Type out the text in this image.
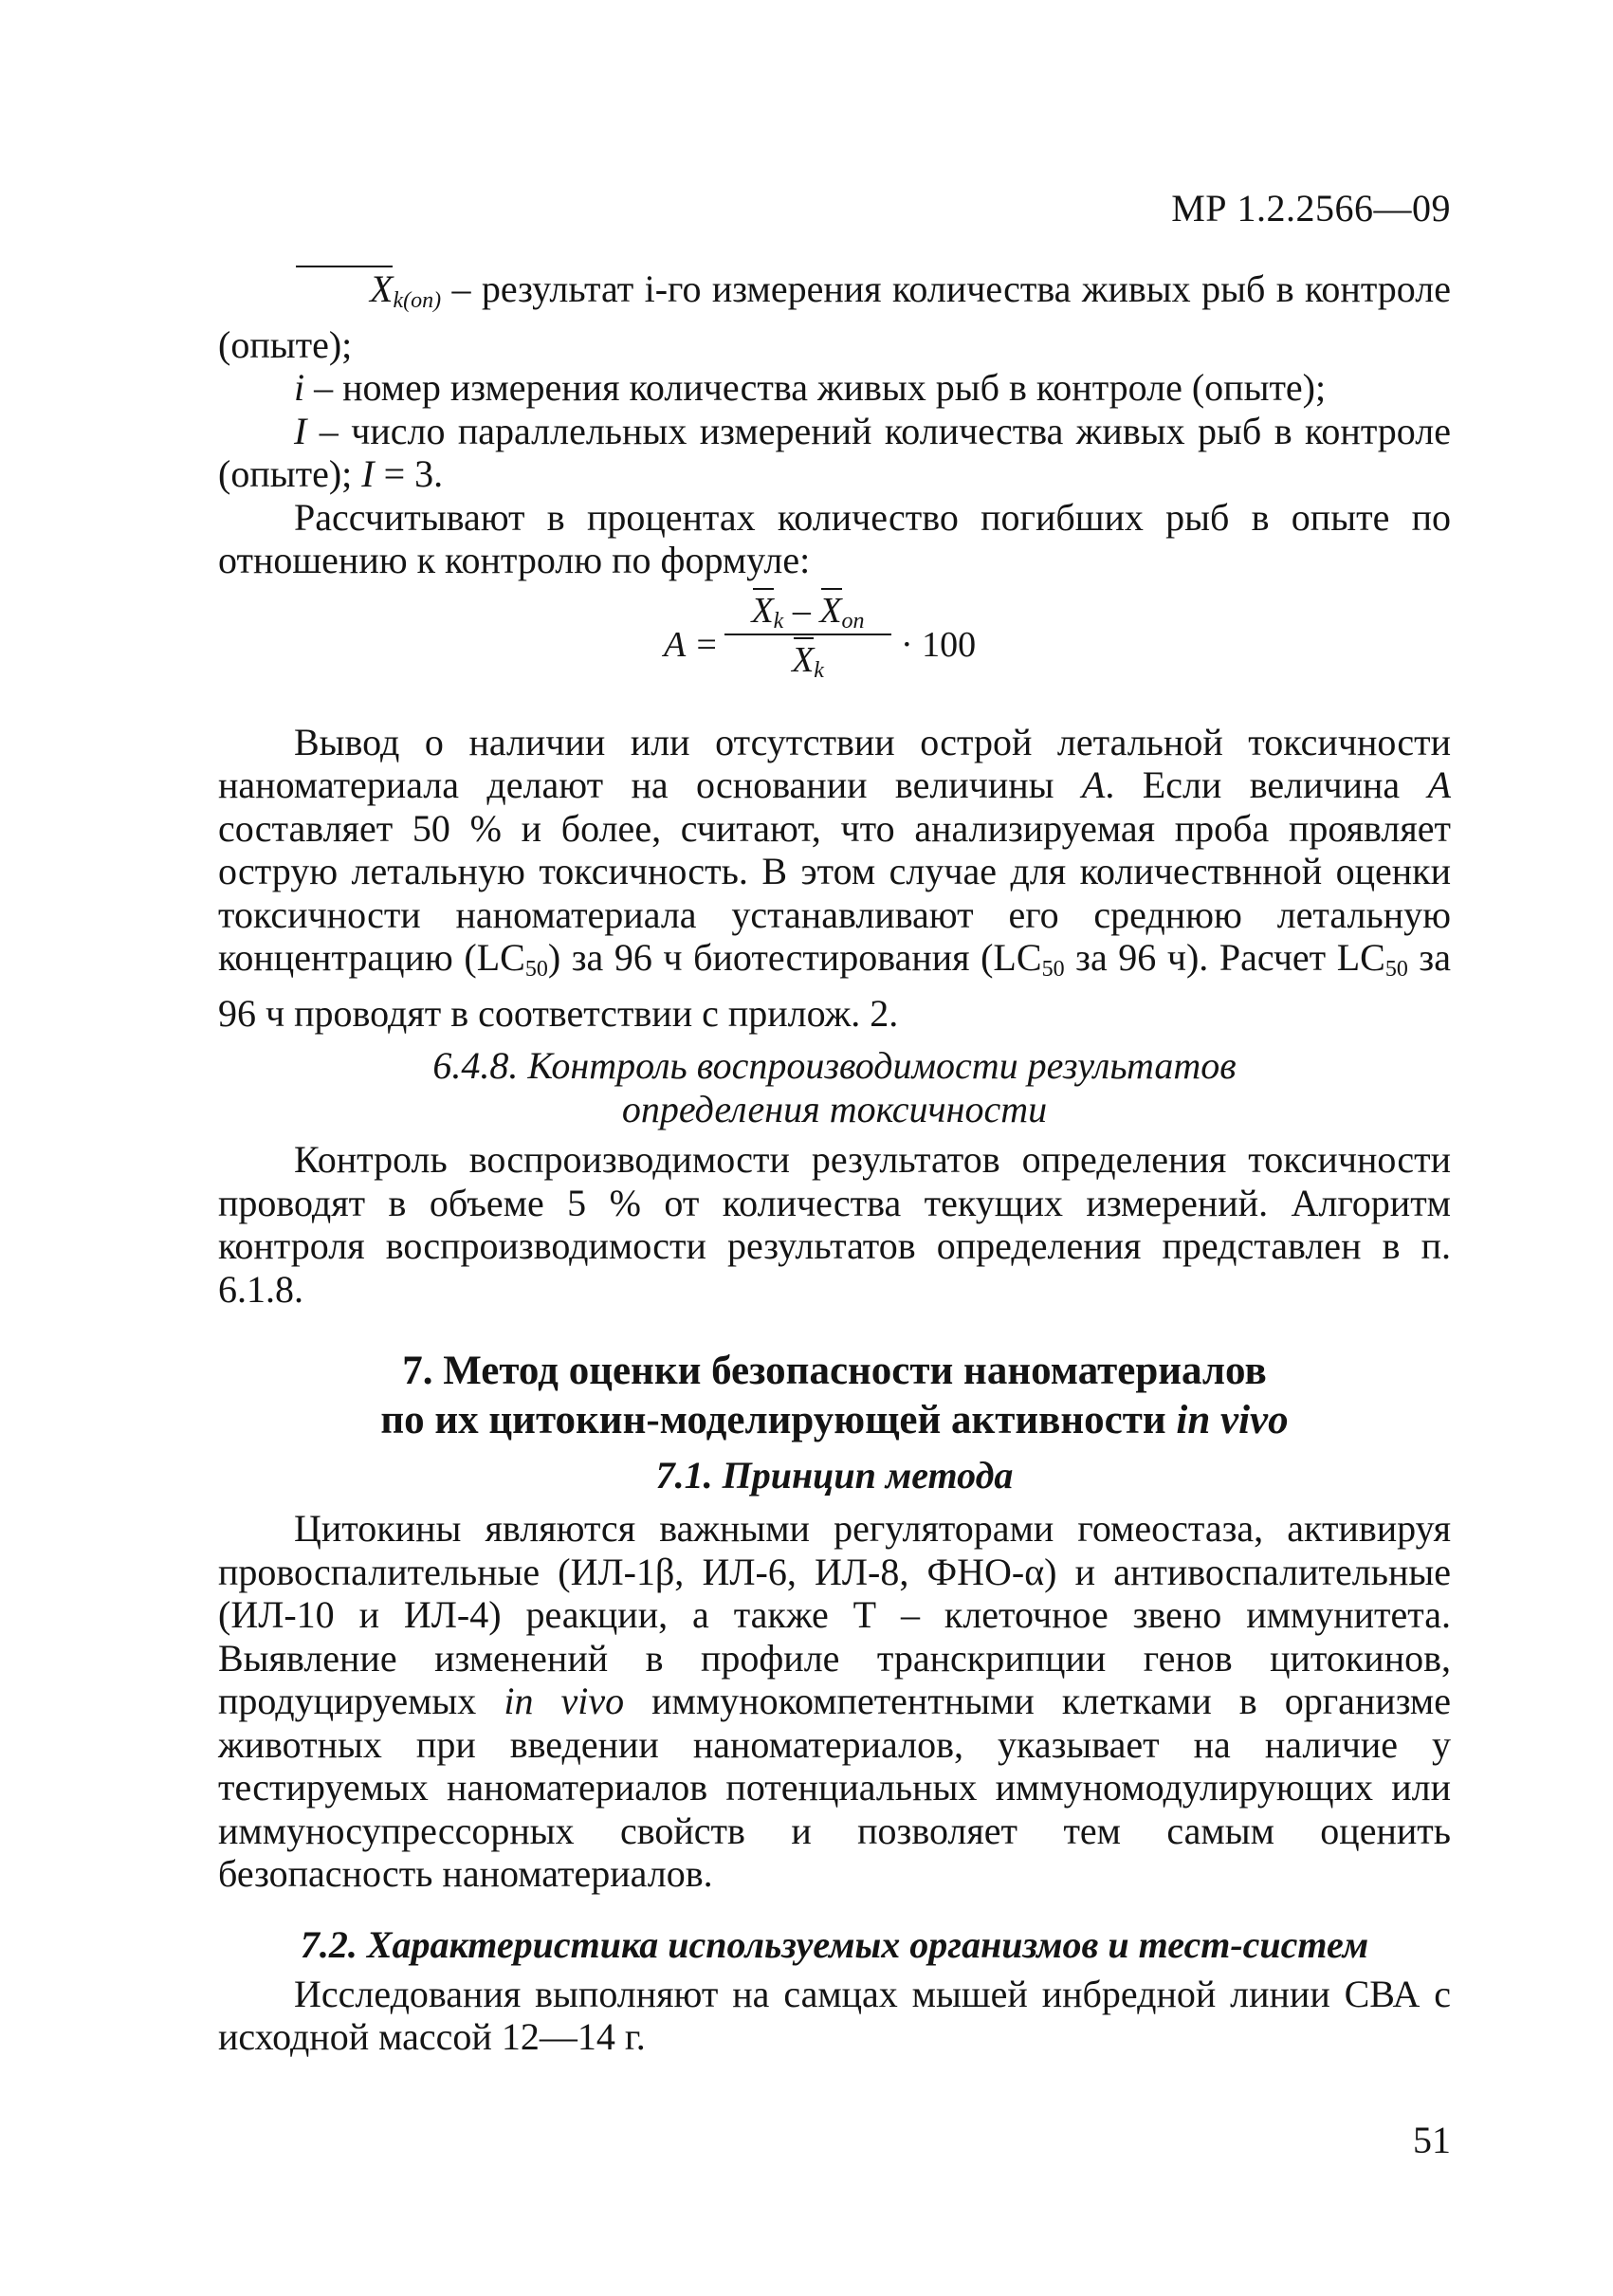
МР 1.2.2566—09

$X_{k(оп)}$ – результат i-го измерения количества живых рыб в контроле (опыте);

i – номер измерения количества живых рыб в контроле (опыте);

I – число параллельных измерений количества живых рыб в контроле (опыте); I = 3.

Рассчитывают в процентах количество погибших рыб в опыте по отношению к контролю по формуле:

A =
$X_k - X_{оп}$
$X_k$
· 100

Вывод о наличии или отсутствии острой летальной токсичности наноматериала делают на основании величины A. Если величина A составляет 50 % и более, считают, что анализируемая проба проявляет острую летальную токсичность. В этом случае для количествнной оценки токсичности наноматериала устанавливают его среднюю летальную концентрацию (LC50) за 96 ч биотестирования (LC50 за 96 ч). Расчет LC50 за 96 ч проводят в соответствии с прилож. 2.

6.4.8. Контроль воспроизводимости результатов
определения токсичности

Контроль воспроизводимости результатов определения токсичности проводят в объеме 5 % от количества текущих измерений. Алгоритм контроля воспроизводимости результатов определения представлен в п. 6.1.8.

7. Метод оценки безопасности наноматериалов
по их цитокин-моделирующей активности in vivo
7.1. Принцип метода

Цитокины являются важными регуляторами гомеостаза, активируя провоспалительные (ИЛ-1β, ИЛ-6, ИЛ-8, ФНО-α) и антивоспалительные (ИЛ-10 и ИЛ-4) реакции, а также Т – клеточное звено иммунитета. Выявление изменений в профиле транскрипции генов цитокинов, продуцируемых in vivo иммунокомпетентными клетками в организме животных при введении наноматериалов, указывает на наличие у тестируемых наноматериалов потенциальных иммуномодулирующих или иммуносупрессорных свойств и позволяет тем самым оценить безопасность наноматериалов.

7.2. Характеристика используемых организмов и тест-систем

Исследования выполняют на самцах мышей инбредной линии СВА с исходной массой 12—14 г.

51
